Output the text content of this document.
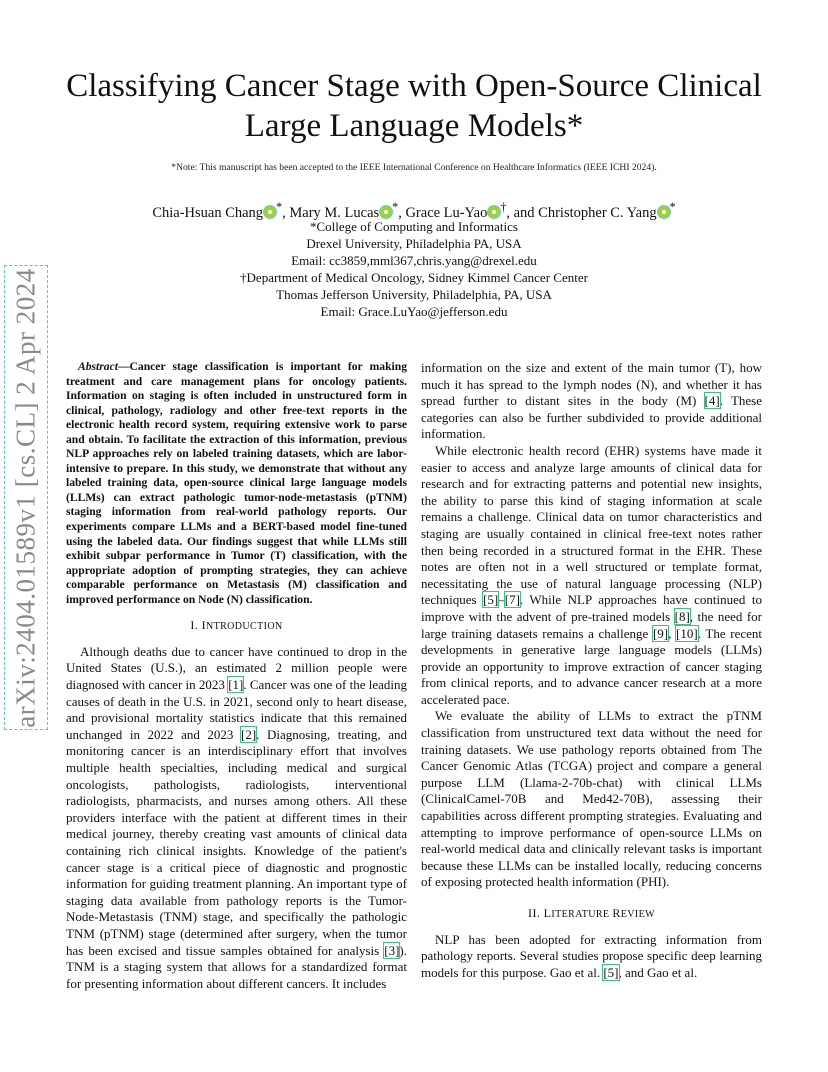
arXiv:2404.01589v1 [cs.CL] 2 Apr 2024
Classifying Cancer Stage with Open-Source Clinical Large Language Models*
*Note: This manuscript has been accepted to the IEEE International Conference on Healthcare Informatics (IEEE ICHI 2024).
Chia-Hsuan Chang *, Mary M. Lucas *, Grace Lu-Yao †, and Christopher C. Yang *
*College of Computing and Informatics
Drexel University, Philadelphia PA, USA
Email: cc3859,mml367,chris.yang@drexel.edu
†Department of Medical Oncology, Sidney Kimmel Cancer Center
Thomas Jefferson University, Philadelphia, PA, USA
Email: Grace.LuYao@jefferson.edu

Abstract—Cancer stage classification is important for making treatment and care management plans for oncology patients. Information on staging is often included in unstructured form in clinical, pathology, radiology and other free-text reports in the electronic health record system, requiring extensive work to parse and obtain. To facilitate the extraction of this information, previous NLP approaches rely on labeled training datasets, which are labor-intensive to prepare. In this study, we demonstrate that without any labeled training data, open-source clinical large language models (LLMs) can extract pathologic tumor-node-metastasis (pTNM) staging information from real-world pathology reports. Our experiments compare LLMs and a BERT-based model fine-tuned using the labeled data. Our findings suggest that while LLMs still exhibit subpar performance in Tumor (T) classification, with the appropriate adoption of prompting strategies, they can achieve comparable performance on Metastasis (M) classification and improved performance on Node (N) classification.

I. INTRODUCTION

Although deaths due to cancer have continued to drop in the United States (U.S.), an estimated 2 million people were diagnosed with cancer in 2023 [1]. Cancer was one of the leading causes of death in the U.S. in 2021, second only to heart disease, and provisional mortality statistics indicate that this remained unchanged in 2022 and 2023 [2]. Diagnosing, treating, and monitoring cancer is an interdisciplinary effort that involves multiple health specialties, including medical and surgical oncologists, pathologists, radiologists, interventional radiologists, pharmacists, and nurses among others. All these providers interface with the patient at different times in their medical journey, thereby creating vast amounts of clinical data containing rich clinical insights. Knowledge of the patient's cancer stage is a critical piece of diagnostic and prognostic information for guiding treatment planning. An important type of staging data available from pathology reports is the Tumor-Node-Metastasis (TNM) stage, and specifically the pathologic TNM (pTNM) stage (determined after surgery, when the tumor has been excised and tissue samples obtained for analysis [3]). TNM is a staging system that allows for a standardized format for presenting information about different cancers. It includes

information on the size and extent of the main tumor (T), how much it has spread to the lymph nodes (N), and whether it has spread further to distant sites in the body (M) [4]. These categories can also be further subdivided to provide additional information.

While electronic health record (EHR) systems have made it easier to access and analyze large amounts of clinical data for research and for extracting patterns and potential new insights, the ability to parse this kind of staging information at scale remains a challenge. Clinical data on tumor characteristics and staging are usually contained in clinical free-text notes rather then being recorded in a structured format in the EHR. These notes are often not in a well structured or template format, necessitating the use of natural language processing (NLP) techniques [5]–[7]. While NLP approaches have continued to improve with the advent of pre-trained models [8], the need for large training datasets remains a challenge [9], [10]. The recent developments in generative large language models (LLMs) provide an opportunity to improve extraction of cancer staging from clinical reports, and to advance cancer research at a more accelerated pace.

We evaluate the ability of LLMs to extract the pTNM classification from unstructured text data without the need for training datasets. We use pathology reports obtained from The Cancer Genomic Atlas (TCGA) project and compare a general purpose LLM (Llama-2-70b-chat) with clinical LLMs (ClinicalCamel-70B and Med42-70B), assessing their capabilities across different prompting strategies. Evaluating and attempting to improve performance of open-source LLMs on real-world medical data and clinically relevant tasks is important because these LLMs can be installed locally, reducing concerns of exposing protected health information (PHI).

II. LITERATURE REVIEW

NLP has been adopted for extracting information from pathology reports. Several studies propose specific deep learning models for this purpose. Gao et al. [5], and Gao et al.
